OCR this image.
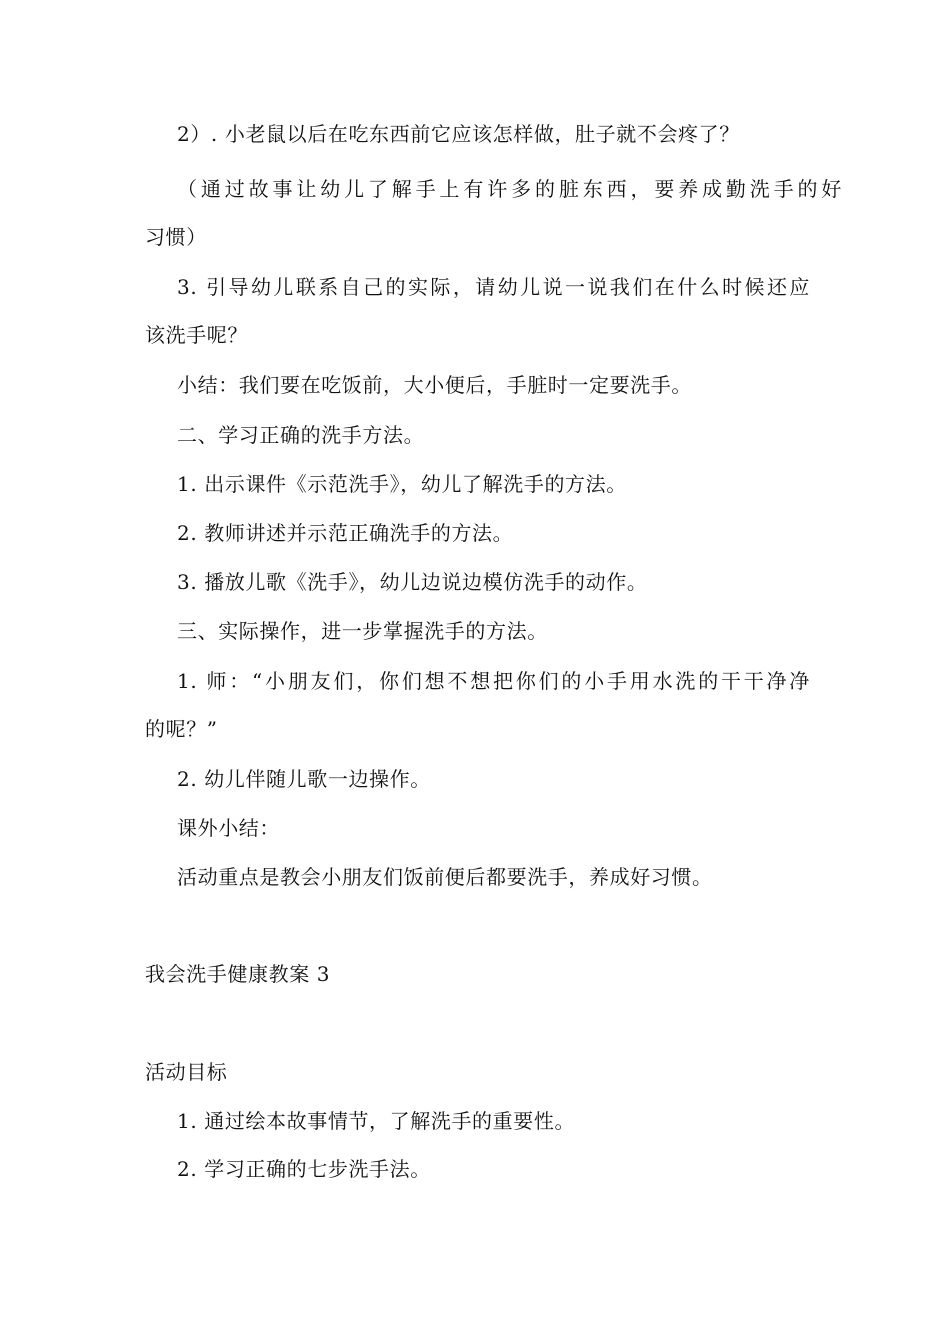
2）. 小老鼠以后在吃东西前它应该怎样做，肚子就不会疼了？
（通过故事让幼儿了解手上有许多的脏东西，要养成勤洗手的好
习惯）
3. 引导幼儿联系自己的实际，请幼儿说一说我们在什么时候还应
该洗手呢？
小结：我们要在吃饭前，大小便后，手脏时一定要洗手。
二、学习正确的洗手方法。
1. 出示课件《示范洗手》，幼儿了解洗手的方法。
2. 教师讲述并示范正确洗手的方法。
3. 播放儿歌《洗手》，幼儿边说边模仿洗手的动作。
三、实际操作，进一步掌握洗手的方法。
1. 师：“小朋友们，你们想不想把你们的小手用水洗的干干净净
的呢？”
2. 幼儿伴随儿歌一边操作。
课外小结：
活动重点是教会小朋友们饭前便后都要洗手，养成好习惯。
我会洗手健康教案 3
活动目标
1. 通过绘本故事情节，了解洗手的重要性。
2. 学习正确的七步洗手法。
